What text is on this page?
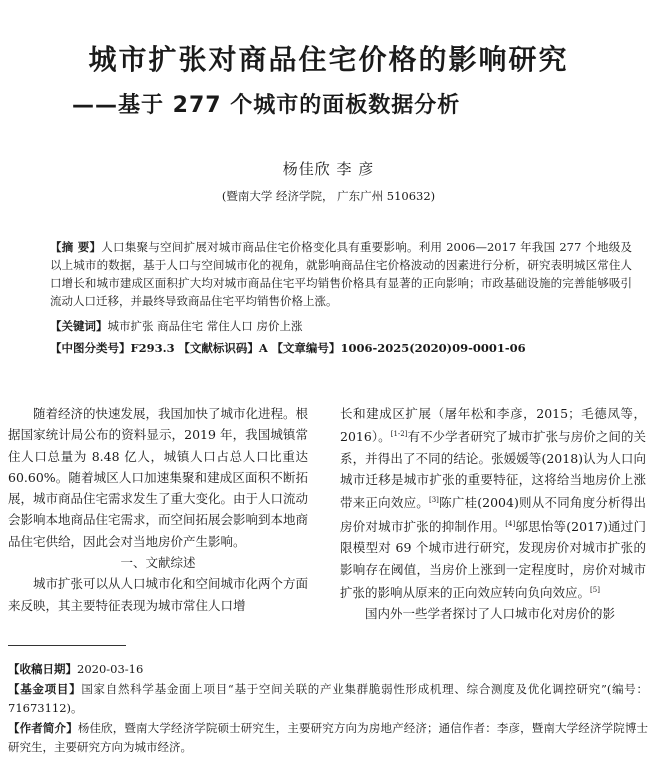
城市扩张对商品住宅价格的影响研究
——基于 277 个城市的面板数据分析
杨佳欣 李 彦
(暨南大学 经济学院， 广东广州 510632)
【摘 要】人口集聚与空间扩展对城市商品住宅价格变化具有重要影响。利用 2006—2017 年我国 277 个地级及以上城市的数据，基于人口与空间城市化的视角，就影响商品住宅价格波动的因素进行分析，研究表明城区常住人口增长和城市建成区面积扩大均对城市商品住宅平均销售价格具有显著的正向影响；市政基础设施的完善能够吸引流动人口迁移，并最终导致商品住宅平均销售价格上涨。
【关键词】城市扩张 商品住宅 常住人口 房价上涨
【中图分类号】F293.3 【文献标识码】A 【文章编号】1006-2025(2020)09-0001-06

随着经济的快速发展，我国加快了城市化进程。根据国家统计局公布的资料显示，2019 年，我国城镇常住人口总量为 8.48 亿人，城镇人口占总人口比重达 60.60%。随着城区人口加速集聚和建成区面积不断拓展，城市商品住宅需求发生了重大变化。由于人口流动会影响本地商品住宅需求，而空间拓展会影响到本地商品住宅供给，因此会对当地房价产生影响。

一、文献综述

城市扩张可以从人口城市化和空间城市化两个方面来反映，其主要特征表现为城市常住人口增

长和建成区扩展（屠年松和李彦，2015；毛德凤等，2016）。[1-2]有不少学者研究了城市扩张与房价之间的关系，并得出了不同的结论。张媛媛等(2018)认为人口向城市迁移是城市扩张的重要特征，这将给当地房价上涨带来正向效应。[3]陈广桂(2004)则从不同角度分析得出房价对城市扩张的抑制作用。[4]邬思怡等(2017)通过门限模型对 69 个城市进行研究，发现房价对城市扩张的影响存在阈值，当房价上涨到一定程度时，房价对城市扩张的影响从原来的正向效应转向负向效应。[5]

国内外一些学者探讨了人口城市化对房价的影

【收稿日期】2020-03-16
【基金项目】国家自然科学基金面上项目“基于空间关联的产业集群脆弱性形成机理、综合测度及优化调控研究”(编号：71673112)。
【作者简介】杨佳欣，暨南大学经济学院硕士研究生，主要研究方向为房地产经济；通信作者：李彦，暨南大学经济学院博士研究生，主要研究方向为城市经济。
